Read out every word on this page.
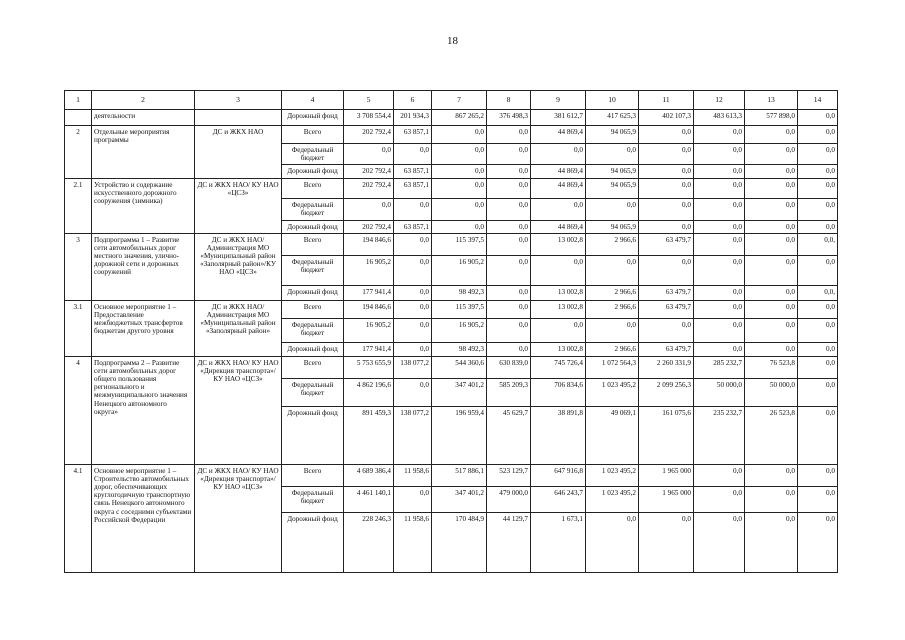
18
1	2	3	4	5	6	7	8	9	10	11	12	13	14
	деятельности		Дорожный фонд	3 708 554,4	201 934,3	867 265,2	376 498,3	381 612,7	417 625,3	402 107,3	483 613,3	577 898,0	0,0
2	Отдельные мероприятия программы	ДС и ЖКХ НАО	Всего	202 792,4	63 857,1	0,0	0,0	44 869,4	94 065,9	0,0	0,0	0,0	0,0
			Федеральный бюджет	0,0	0,0	0,0	0,0	0,0	0,0	0,0	0,0	0,0	0,0
			Дорожный фонд	202 792,4	63 857,1	0,0	0,0	44 869,4	94 065,9	0,0	0,0	0,0	0,0
2.1	Устройство и содержание искусственного дорожного сооружения (зимника)	ДС и ЖКХ НАО/ КУ НАО «ЦСЗ»	Всего	202 792,4	63 857,1	0,0	0,0	44 869,4	94 065,9	0,0	0,0	0,0	0,0
			Федеральный бюджет	0,0	0,0	0,0	0,0	0,0	0,0	0,0	0,0	0,0	0,0
			Дорожный фонд	202 792,4	63 857,1	0,0	0,0	44 869,4	94 065,9	0,0	0,0	0,0	0,0
3	Подпрограмма 1 – Развитие сети автомобильных дорог местного значения, улично-дорожной сети и дорожных сооружений	ДС и ЖКХ НАО/ Администрация МО «Муниципальный район «Заполярный район»/КУ НАО «ЦСЗ»	Всего	194 846,6	0,0	115 397,5	0,0	13 002,8	2 966,6	63 479,7	0,0	0,0	0,0,
			Федеральный бюджет	16 905,2	0,0	16 905,2	0,0	0,0	0,0	0,0	0,0	0,0	0,0
			Дорожный фонд	177 941,4	0,0	98 492,3	0,0	13 002,8	2 966,6	63 479,7	0,0	0,0	0,0,
3.1	Основное мероприятие 1 – Предоставление межбюджетных трансфертов бюджетам другого уровня	ДС и ЖКХ НАО/ Администрация МО «Муниципальный район «Заполярный район»	Всего	194 846,6	0,0	115 397,5	0,0	13 002,8	2 966,6	63 479,7	0,0	0,0	0,0
			Федеральный бюджет	16 905,2	0,0	16 905,2	0,0	0,0	0,0	0,0	0,0	0,0	0,0
			Дорожный фонд	177 941,4	0,0	98 492,3	0,0	13 002,8	2 966,6	63 479,7	0,0	0,0	0,0
4	Подпрограмма 2 – Развитие сети автомобильных дорог общего пользования регионального и межмуниципального значения Ненецкого автономного округа»	ДС и ЖКХ НАО/ КУ НАО «Дирекция транспорта»/ КУ НАО «ЦСЗ»	Всего	5 753 655,9	138 077,2	544 360,6	630 839,0	745 726,4	1 072 564,3	2 260 331,9	285 232,7	76 523,8	0,0
			Федеральный бюджет	4 862 196,6	0,0	347 401,2	585 209,3	706 834,6	1 023 495,2	2 099 256,3	50 000,0	50 000,0	0,0
			Дорожный фонд	891 459,3	138 077,2	196 959,4	45 629,7	38 891,8	49 069,1	161 075,6	235 232,7	26 523,8	0,0
4.1	Основное мероприятие 1 – Строительство автомобильных дорог, обеспечивающих круглогодичную транспортную связь Ненецкого автономного округа с соседними субъектами Российской Федерации	ДС и ЖКХ НАО/ КУ НАО «Дирекция транспорта»/ КУ НАО «ЦСЗ»	Всего	4 689 386,4	11 958,6	517 886,1	523 129,7	647 916,8	1 023 495,2	1 965 000	0,0	0,0	0,0
			Федеральный бюджет	4 461 140,1	0,0	347 401,2	479 000,0	646 243,7	1 023 495,2	1 965 000	0,0	0,0	0,0
			Дорожный фонд	228 246,3	11 958,6	170 484,9	44 129,7	1 673,1	0,0	0,0	0,0	0,0	0,0
